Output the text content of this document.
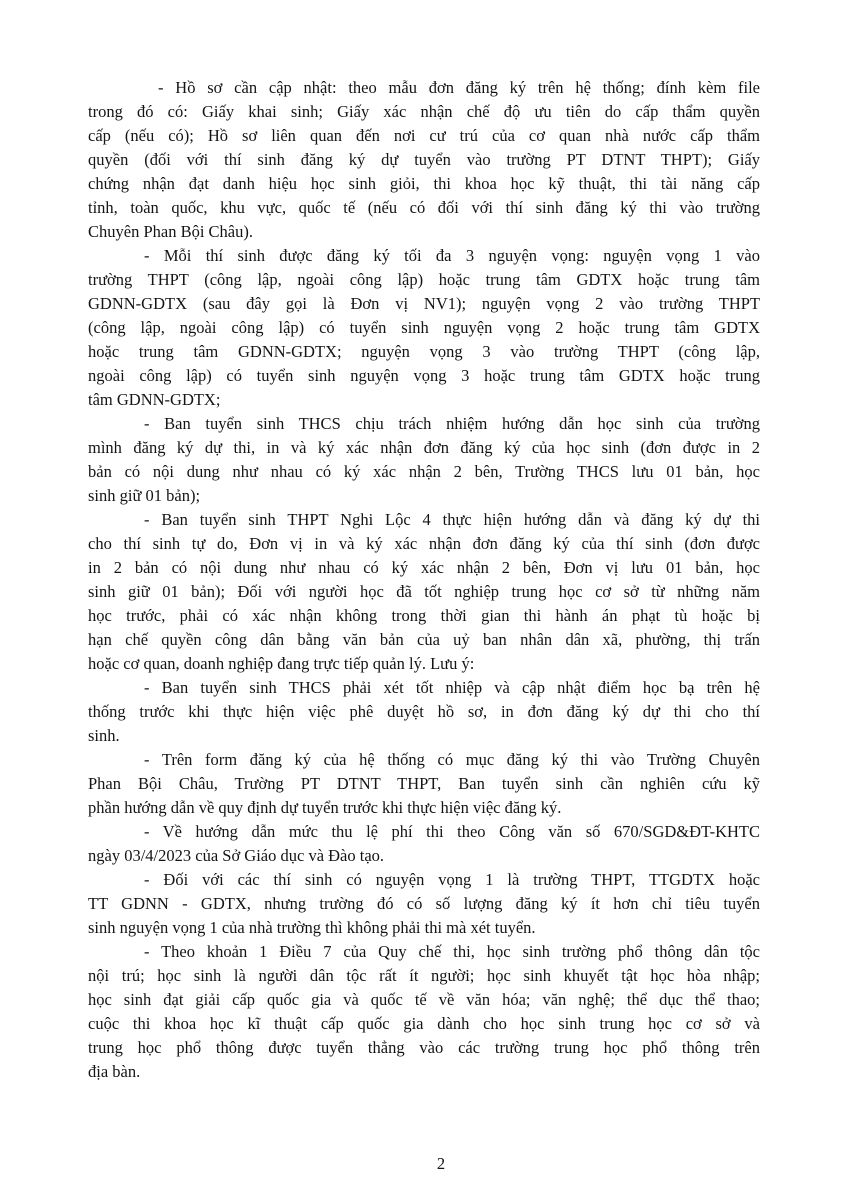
- Hồ sơ cần cập nhật: theo mẫu đơn đăng ký trên hệ thống; đính kèm file
trong đó có: Giấy khai sinh; Giấy xác nhận chế độ ưu tiên do cấp thẩm quyền
cấp (nếu có); Hồ sơ liên quan đến nơi cư trú của cơ quan nhà nước cấp thẩm
quyền (đối với thí sinh đăng ký dự tuyển vào trường PT DTNT THPT); Giấy
chứng nhận đạt danh hiệu học sinh giỏi, thi khoa học kỹ thuật, thi tài năng cấp
tỉnh, toàn quốc, khu vực, quốc tế (nếu có đối với thí sinh đăng ký thi vào trường
Chuyên Phan Bội Châu).
- Mỗi thí sinh được đăng ký tối đa 3 nguyện vọng: nguyện vọng 1 vào
trường THPT (công lập, ngoài công lập) hoặc trung tâm GDTX hoặc trung tâm
GDNN-GDTX (sau đây gọi là Đơn vị NV1); nguyện vọng 2 vào trường THPT
(công lập, ngoài công lập) có tuyển sinh nguyện vọng 2 hoặc trung tâm GDTX
hoặc trung tâm GDNN-GDTX; nguyện vọng 3 vào trường THPT (công lập,
ngoài công lập) có tuyển sinh nguyện vọng 3 hoặc trung tâm GDTX hoặc trung
tâm GDNN-GDTX;
- Ban tuyển sinh THCS chịu trách nhiệm hướng dẫn học sinh của trường
mình đăng ký dự thi, in và ký xác nhận đơn đăng ký của học sinh (đơn được in 2
bản có nội dung như nhau có ký xác nhận 2 bên, Trường THCS lưu 01 bản, học
sinh giữ 01 bản);
- Ban tuyển sinh THPT Nghi Lộc 4 thực hiện hướng dẫn và đăng ký dự thi
cho thí sinh tự do, Đơn vị in và ký xác nhận đơn đăng ký của thí sinh (đơn được
in 2 bản có nội dung như nhau có ký xác nhận 2 bên, Đơn vị lưu 01 bản, học
sinh giữ 01 bản); Đối với người học đã tốt nghiệp trung học cơ sở từ những năm
học trước, phải có xác nhận không trong thời gian thi hành án phạt tù hoặc bị
hạn chế quyền công dân bằng văn bản của uỷ ban nhân dân xã, phường, thị trấn
hoặc cơ quan, doanh nghiệp đang trực tiếp quản lý. Lưu ý:
- Ban tuyển sinh THCS phải xét tốt nhiệp và cập nhật điểm học bạ trên hệ
thống trước khi thực hiện việc phê duyệt hồ sơ, in đơn đăng ký dự thi cho thí
sinh.
- Trên form đăng ký của hệ thống có mục đăng ký thi vào Trường Chuyên
Phan Bội Châu, Trường PT DTNT THPT, Ban tuyển sinh cần nghiên cứu kỹ
phần hướng dẫn về quy định dự tuyển trước khi thực hiện việc đăng ký.
- Về hướng dẫn mức thu lệ phí thi theo Công văn số 670/SGD&ĐT-KHTC
ngày 03/4/2023 của Sở Giáo dục và Đào tạo.
- Đối với các thí sinh có nguyện vọng 1 là trường THPT, TTGDTX hoặc
TT GDNN - GDTX, nhưng trường đó có số lượng đăng ký ít hơn chỉ tiêu tuyển
sinh nguyện vọng 1 của nhà trường thì không phải thi mà xét tuyển.
- Theo khoản 1 Điều 7 của Quy chế thi, học sinh trường phổ thông dân tộc
nội trú; học sinh là người dân tộc rất ít người; học sinh khuyết tật học hòa nhập;
học sinh đạt giải cấp quốc gia và quốc tế về văn hóa; văn nghệ; thể dục thể thao;
cuộc thi khoa học kĩ thuật cấp quốc gia dành cho học sinh trung học cơ sở và
trung học phổ thông được tuyển thẳng vào các trường trung học phổ thông trên
địa bàn.
2
